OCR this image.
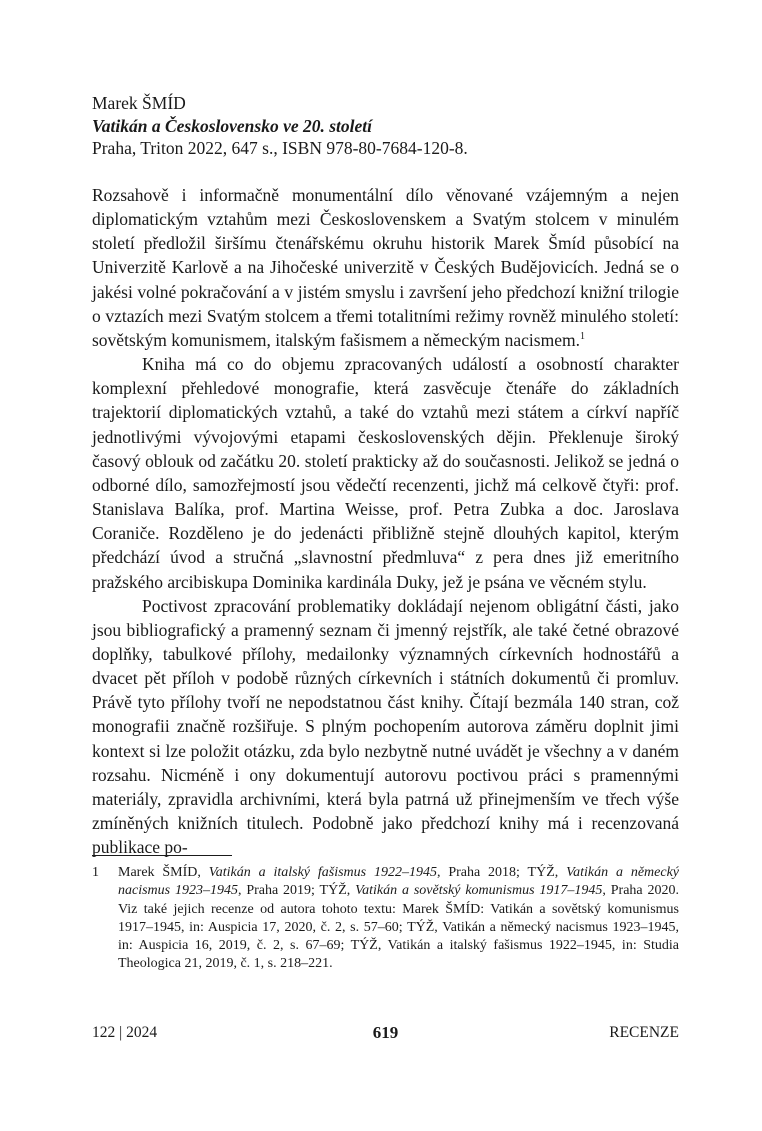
Marek ŠMÍD
Vatikán a Československo ve 20. století
Praha, Triton 2022, 647 s., ISBN 978-80-7684-120-8.

Rozsahově i informačně monumentální dílo věnované vzájemným a nejen diplomatickým vztahům mezi Československem a Svatým stolcem v minulém století předložil širšímu čtenářskému okruhu historik Marek Šmíd působící na Univerzitě Karlově a na Jihočeské univerzitě v Českých Budějovicích. Jedná se o jakési volné pokračování a v jistém smyslu i završení jeho předchozí knižní trilogie o vztazích mezi Svatým stolcem a třemi totalitními režimy rovněž minulého století: sovětským komunismem, italským fašismem a německým nacismem.$^1$

Kniha má co do objemu zpracovaných událostí a osobností charakter komplexní přehledové monografie, která zasvěcuje čtenáře do základních trajektorií diplomatických vztahů, a také do vztahů mezi státem a církví napříč jednotlivými vývojovými etapami československých dějin. Překlenuje široký časový oblouk od začátku 20. století prakticky až do současnosti. Jelikož se jedná o odborné dílo, samozřejmostí jsou vědečtí recenzenti, jichž má celkově čtyři: prof. Stanislava Balíka, prof. Martina Weisse, prof. Petra Zubka a doc. Jaroslava Coraniče. Rozděleno je do jedenácti přibližně stejně dlouhých kapitol, kterým předchází úvod a stručná „slavnostní předmluva“ z pera dnes již emeritního pražského arcibiskupa Dominika kardinála Duky, jež je psána ve věcném stylu.

Poctivost zpracování problematiky dokládají nejenom obligátní části, jako jsou bibliografický a pramenný seznam či jmenný rejstřík, ale také četné obrazové doplňky, tabulkové přílohy, medailonky významných církevních hodnostářů a dvacet pět příloh v podobě různých církevních i státních dokumentů či promluv. Právě tyto přílohy tvoří ne nepodstatnou část knihy. Čítají bezmála 140 stran, což monografii značně rozšiřuje. S plným pochopením autorova záměru doplnit jimi kontext si lze položit otázku, zda bylo nezbytně nutné uvádět je všechny a v daném rozsahu. Nicméně i ony dokumentují autorovu poctivou práci s pramennými materiály, zpravidla archivními, která byla patrná už přinejmenším ve třech výše zmíněných knižních titulech. Podobně jako předchozí knihy má i recenzovaná publikace po-

1 Marek ŠMÍD, Vatikán a italský fašismus 1922–1945, Praha 2018; TÝŽ, Vatikán a německý nacismus 1923–1945, Praha 2019; TÝŽ, Vatikán a sovětský komunismus 1917–1945, Praha 2020. Viz také jejich recenze od autora tohoto textu: Marek ŠMÍD: Vatikán a sovětský komunismus 1917–1945, in: Auspicia 17, 2020, č. 2, s. 57–60; TÝŽ, Vatikán a německý nacismus 1923–1945, in: Auspicia 16, 2019, č. 2, s. 67–69; TÝŽ, Vatikán a italský fašismus 1922–1945, in: Studia Theologica 21, 2019, č. 1, s. 218–221.
122 | 2024	619	RECENZE
